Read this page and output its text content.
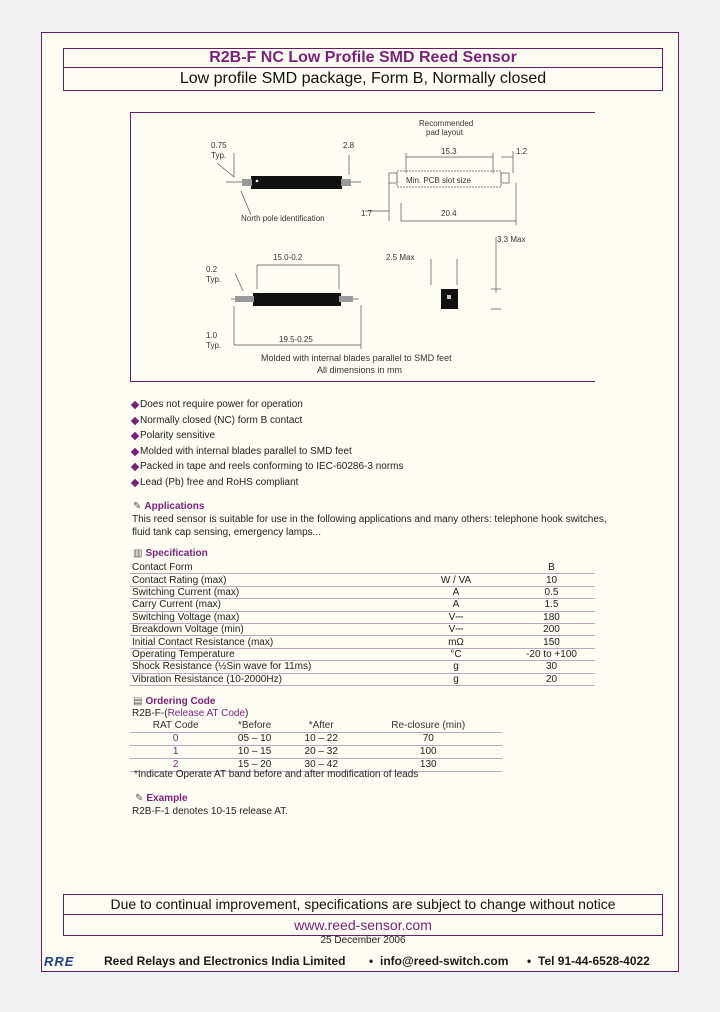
R2B-F NC Low Profile SMD Reed Sensor
Low profile SMD package, Form B, Normally closed
Recommended
pad layout
0.75
Typ.
2.8
15.3	1.2
Min. PCB slot size
North pole identification
1.7	20.4
3.3 Max
0.2
Typ.
15.0-0.2	2.5 Max
1.0
Typ.
19.5-0.25
Molded with internal blades parallel to SMD feet
All dimensions in mm
Does not require power for operation
Normally closed (NC) form B contact
Polarity sensitive
Molded with internal blades parallel to SMD feet
Packed in tape and reels conforming to IEC-60286-3 norms
Lead (Pb) free and RoHS compliant
✎ Applications
This reed sensor is suitable for use in the following applications and many others: telephone hook switches,
fluid tank cap sensing, emergency lamps...
▥ Specification
Contact Form		B
Contact Rating (max)	W / VA	10
Switching Current (max)	A	0.5
Carry Current (max)	A	1.5
Switching Voltage (max)	V⎓	180
Breakdown Voltage (min)	V⎓	200
Initial Contact Resistance (max)	mΩ	150
Operating Temperature	°C	-20 to +100
Shock Resistance (½Sin wave for 11ms)	g	30
Vibration Resistance (10-2000Hz)	g	20
▤ Ordering Code
R2B-F-(Release AT Code)
RAT Code	*Before	*After	Re-closure (min)
0	05 – 10	10 – 22	70
1	10 – 15	20 – 32	100
2	15 – 20	30 – 42	130
*Indicate Operate AT band before and after modification of leads
✎ Example
R2B-F-1 denotes 10-15 release AT.
Due to continual improvement, specifications are subject to change without notice
www.reed-sensor.com
25 December 2006
RRE	Reed Relays and Electronics India Limited • info@reed-switch.com • Tel 91-44-6528-4022
